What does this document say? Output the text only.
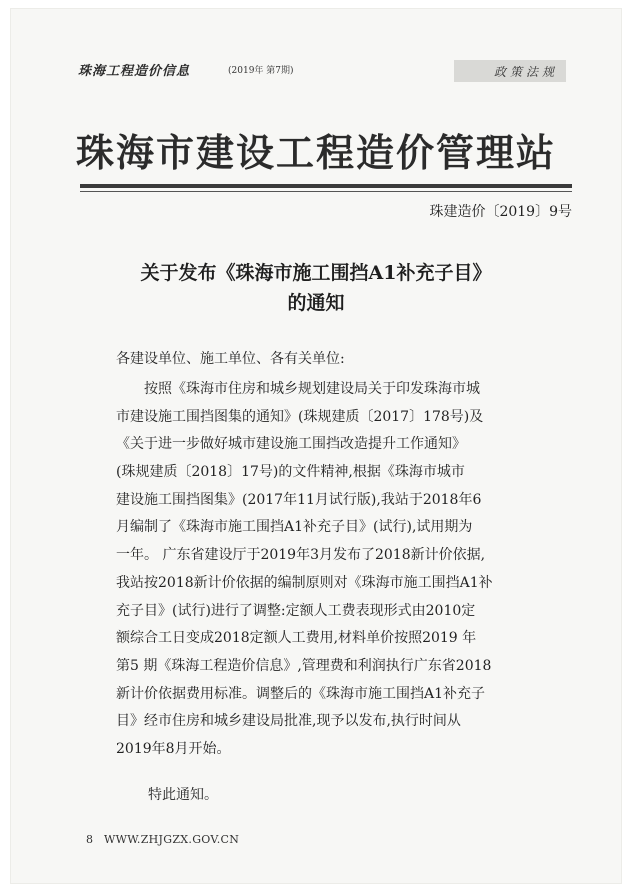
珠海工程造价信息	(2019年 第7期)	政策法规
珠海市建设工程造价管理站
珠建造价〔2019〕9号
关于发布《珠海市施工围挡A1补充子目》
的通知
各建设单位、施工单位、各有关单位:
　　按照《珠海市住房和城乡规划建设局关于印发珠海市城
市建设施工围挡图集的通知》(珠规建质〔2017〕178号)及
《关于进一步做好城市建设施工围挡改造提升工作通知》
(珠规建质〔2018〕17号)的文件精神,根据《珠海市城市
建设施工围挡图集》(2017年11月试行版),我站于2018年6
月编制了《珠海市施工围挡A1补充子目》(试行),试用期为
一年。 广东省建设厅于2019年3月发布了2018新计价依据,
我站按2018新计价依据的编制原则对《珠海市施工围挡A1补
充子目》(试行)进行了调整:定额人工费表现形式由2010定
额综合工日变成2018定额人工费用,材料单价按照2019 年
第5 期《珠海工程造价信息》,管理费和利润执行广东省2018
新计价依据费用标准。调整后的《珠海市施工围挡A1补充子
目》经市住房和城乡建设局批准,现予以发布,执行时间从
2019年8月开始。
特此通知。
8 WWW.ZHJGZX.GOV.CN
